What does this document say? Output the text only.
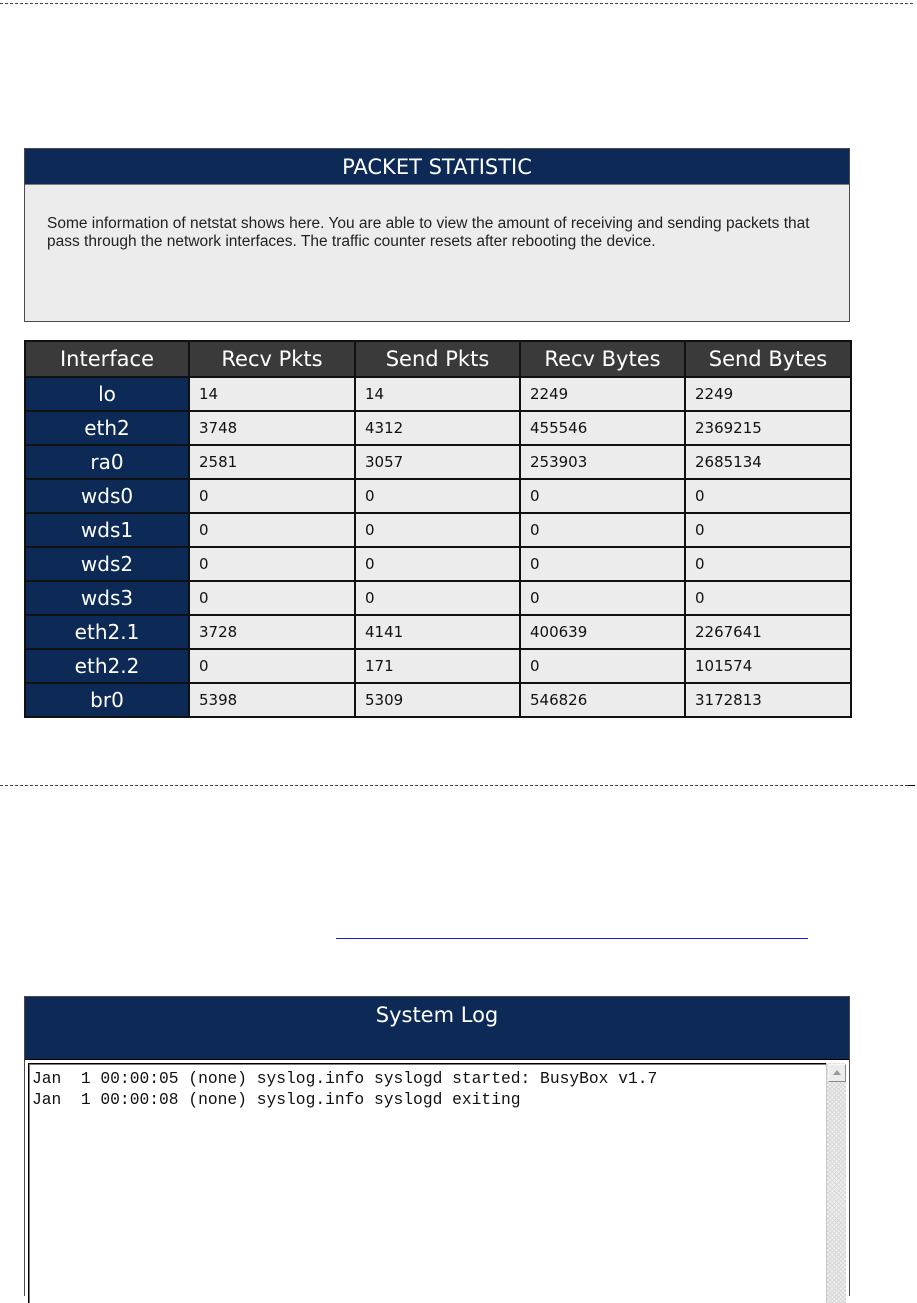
PACKET STATISTIC
Some information of netstat shows here. You are able to view the amount of receiving and sending packets that pass through the network interfaces. The traffic counter resets after rebooting the device.
Interface	Recv Pkts	Send Pkts	Recv Bytes	Send Bytes
lo	14	14	2249	2249
eth2	3748	4312	455546	2369215
ra0	2581	3057	253903	2685134
wds0	0	0	0	0
wds1	0	0	0	0
wds2	0	0	0	0
wds3	0	0	0	0
eth2.1	3728	4141	400639	2267641
eth2.2	0	171	0	101574
br0	5398	5309	546826	3172813
System Log
Jan  1 00:00:05 (none) syslog.info syslogd started: BusyBox v1.7
Jan  1 00:00:08 (none) syslog.info syslogd exiting
